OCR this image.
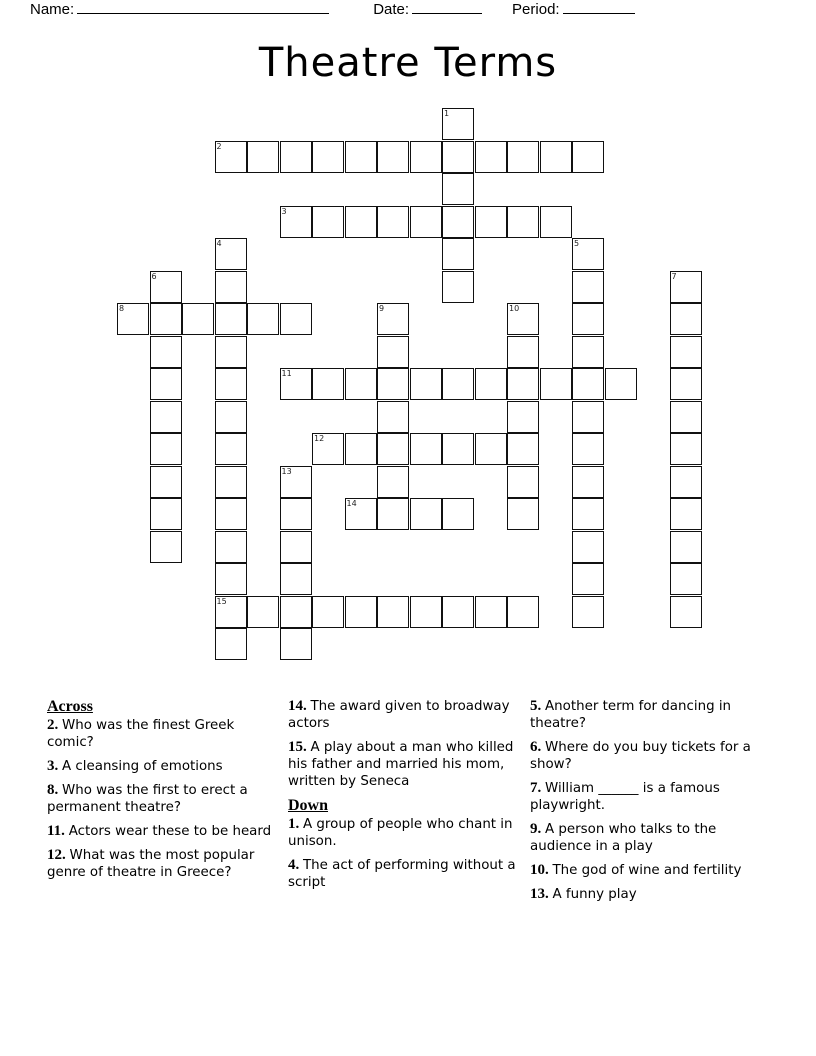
Name:	Date:	Period:
Theatre Terms
1
2
3
4	5
6	7
8	9	10
11
12
13
14
15
Across

2. Who was the finest Greek comic?

3. A cleansing of emotions

8. Who was the first to erect a permanent theatre?

11. Actors wear these to be heard

12. What was the most popular genre of theatre in Greece?

14. The award given to broadway actors

15. A play about a man who killed his father and married his mom, written by Seneca

Down

1. A group of people who chant in unison.

4. The act of performing without a script

5. Another term for dancing in theatre?

6. Where do you buy tickets for a show?

7. William ______ is a famous playwright.

9. A person who talks to the audience in a play

10. The god of wine and fertility

13. A funny play
